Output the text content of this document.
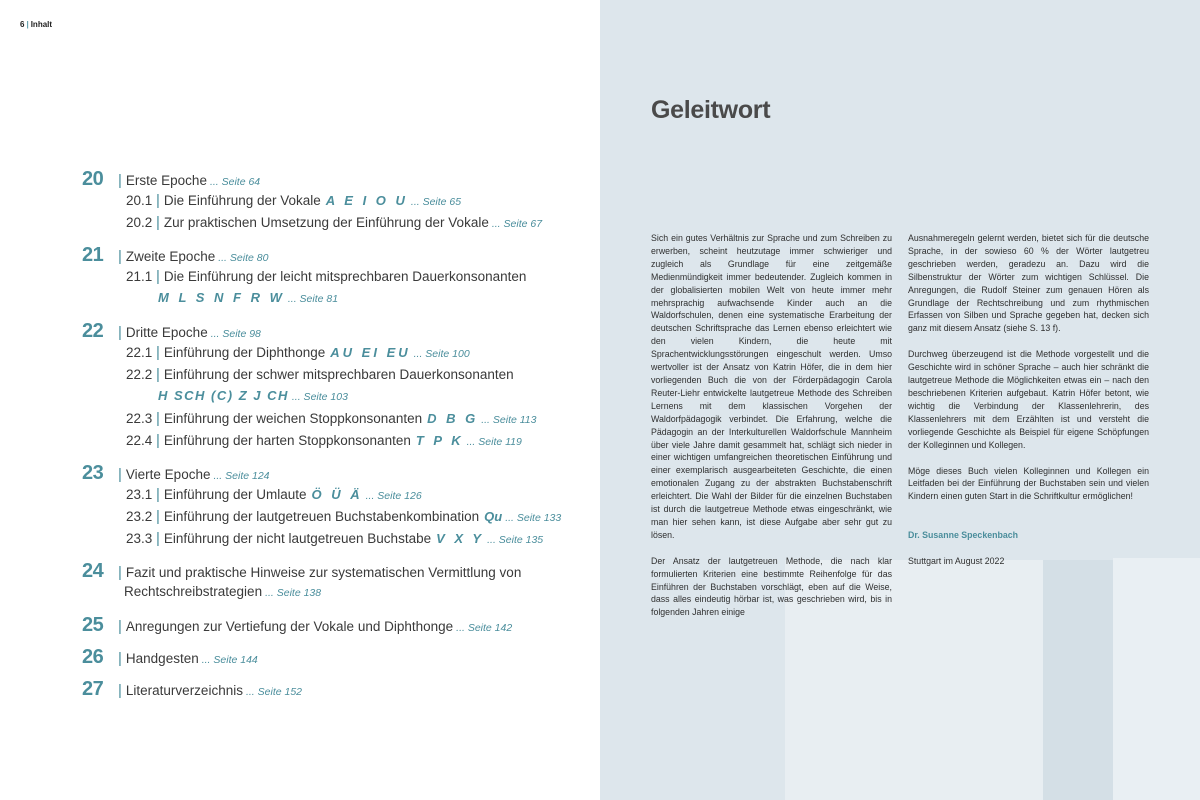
6 | Inhalt
20 | Erste Epoche ... Seite 64
20.1 | Die Einführung der Vokale A E I O U ... Seite 65
20.2 | Zur praktischen Umsetzung der Einführung der Vokale ... Seite 67
21 | Zweite Epoche ... Seite 80
21.1 | Die Einführung der leicht mitsprechbaren Dauerkonsonanten
M L S N F R W ... Seite 81
22 | Dritte Epoche ... Seite 98
22.1 | Einführung der Diphthonge AU EI EU ... Seite 100
22.2 | Einführung der schwer mitsprechbaren Dauerkonsonanten
H SCH (C) Z J CH ... Seite 103
22.3 | Einführung der weichen Stoppkonsonanten D B G ... Seite 113
22.4 | Einführung der harten Stoppkonsonanten T P K ... Seite 119
23 | Vierte Epoche ... Seite 124
23.1 | Einführung der Umlaute Ö Ü Ä ... Seite 126
23.2 | Einführung der lautgetreuen Buchstabenkombination Qu ... Seite 133
23.3 | Einführung der nicht lautgetreuen Buchstabe V X Y ... Seite 135
24 | Fazit und praktische Hinweise zur systematischen Vermittlung von
Rechtschreibstrategien ... Seite 138
25 | Anregungen zur Vertiefung der Vokale und Diphthonge ... Seite 142
26 | Handgesten ... Seite 144
27 | Literaturverzeichnis ... Seite 152
Geleitwort

Sich ein gutes Verhältnis zur Sprache und zum Schreiben zu erwerben, scheint heutzutage immer schwieriger und zugleich als Grundlage für eine zeitgemäße Medienmündigkeit immer bedeutender. Zugleich kommen in der globalisierten mobilen Welt von heute immer mehr mehrsprachig aufwachsende Kinder auch an die Waldorfschulen, denen eine systematische Erarbeitung der deutschen Schriftsprache das Lernen ebenso erleichtert wie den vielen Kindern, die heute mit Sprachentwicklungsstörungen eingeschult werden. Umso wertvoller ist der Ansatz von Katrin Höfer, die in dem hier vorliegenden Buch die von der Förderpädagogin Carola Reuter-Liehr entwickelte lautgetreue Methode des Schreiben Lernens mit dem klassischen Vorgehen der Waldorfpädagogik verbindet. Die Erfahrung, welche die Pädagogin an der Interkulturellen Waldorfschule Mannheim über viele Jahre damit gesammelt hat, schlägt sich nieder in einer wichtigen umfangreichen theoretischen Einführung und einer exemplarisch ausgearbeiteten Geschichte, die einen emotionalen Zugang zu der abstrakten Buchstabenschrift erleichtert. Die Wahl der Bilder für die einzelnen Buchstaben ist durch die lautgetreue Methode etwas eingeschränkt, wie man hier sehen kann, ist diese Aufgabe aber sehr gut zu lösen.

Der Ansatz der lautgetreuen Methode, die nach klar formulierten Kriterien eine bestimmte Reihenfolge für das Einführen der Buchstaben vorschlägt, eben auf die Weise, dass alles eindeutig hörbar ist, was geschrieben wird, bis in folgenden Jahren einige

Ausnahmeregeln gelernt werden, bietet sich für die deutsche Sprache, in der sowieso 60 % der Wörter lautgetreu geschrieben werden, geradezu an. Dazu wird die Silbenstruktur der Wörter zum wichtigen Schlüssel. Die Anregungen, die Rudolf Steiner zum genauen Hören als Grundlage der Rechtschreibung und zum rhythmischen Erfassen von Silben und Sprache gegeben hat, decken sich ganz mit diesem Ansatz (siehe S. 13 f).

Durchweg überzeugend ist die Methode vorgestellt und die Geschichte wird in schöner Sprache – auch hier schränkt die lautgetreue Methode die Möglichkeiten etwas ein – nach den beschriebenen Kriterien aufgebaut. Katrin Höfer betont, wie wichtig die Verbindung der Klassenlehrerin, des Klassenlehrers mit dem Erzählten ist und versteht die vorliegende Geschichte als Beispiel für eigene Schöpfungen der Kolleginnen und Kollegen.

Möge dieses Buch vielen Kolleginnen und Kollegen ein Leitfaden bei der Einführung der Buchstaben sein und vielen Kindern einen guten Start in die Schriftkultur ermöglichen!

Dr. Susanne Speckenbach

Stuttgart im August 2022
